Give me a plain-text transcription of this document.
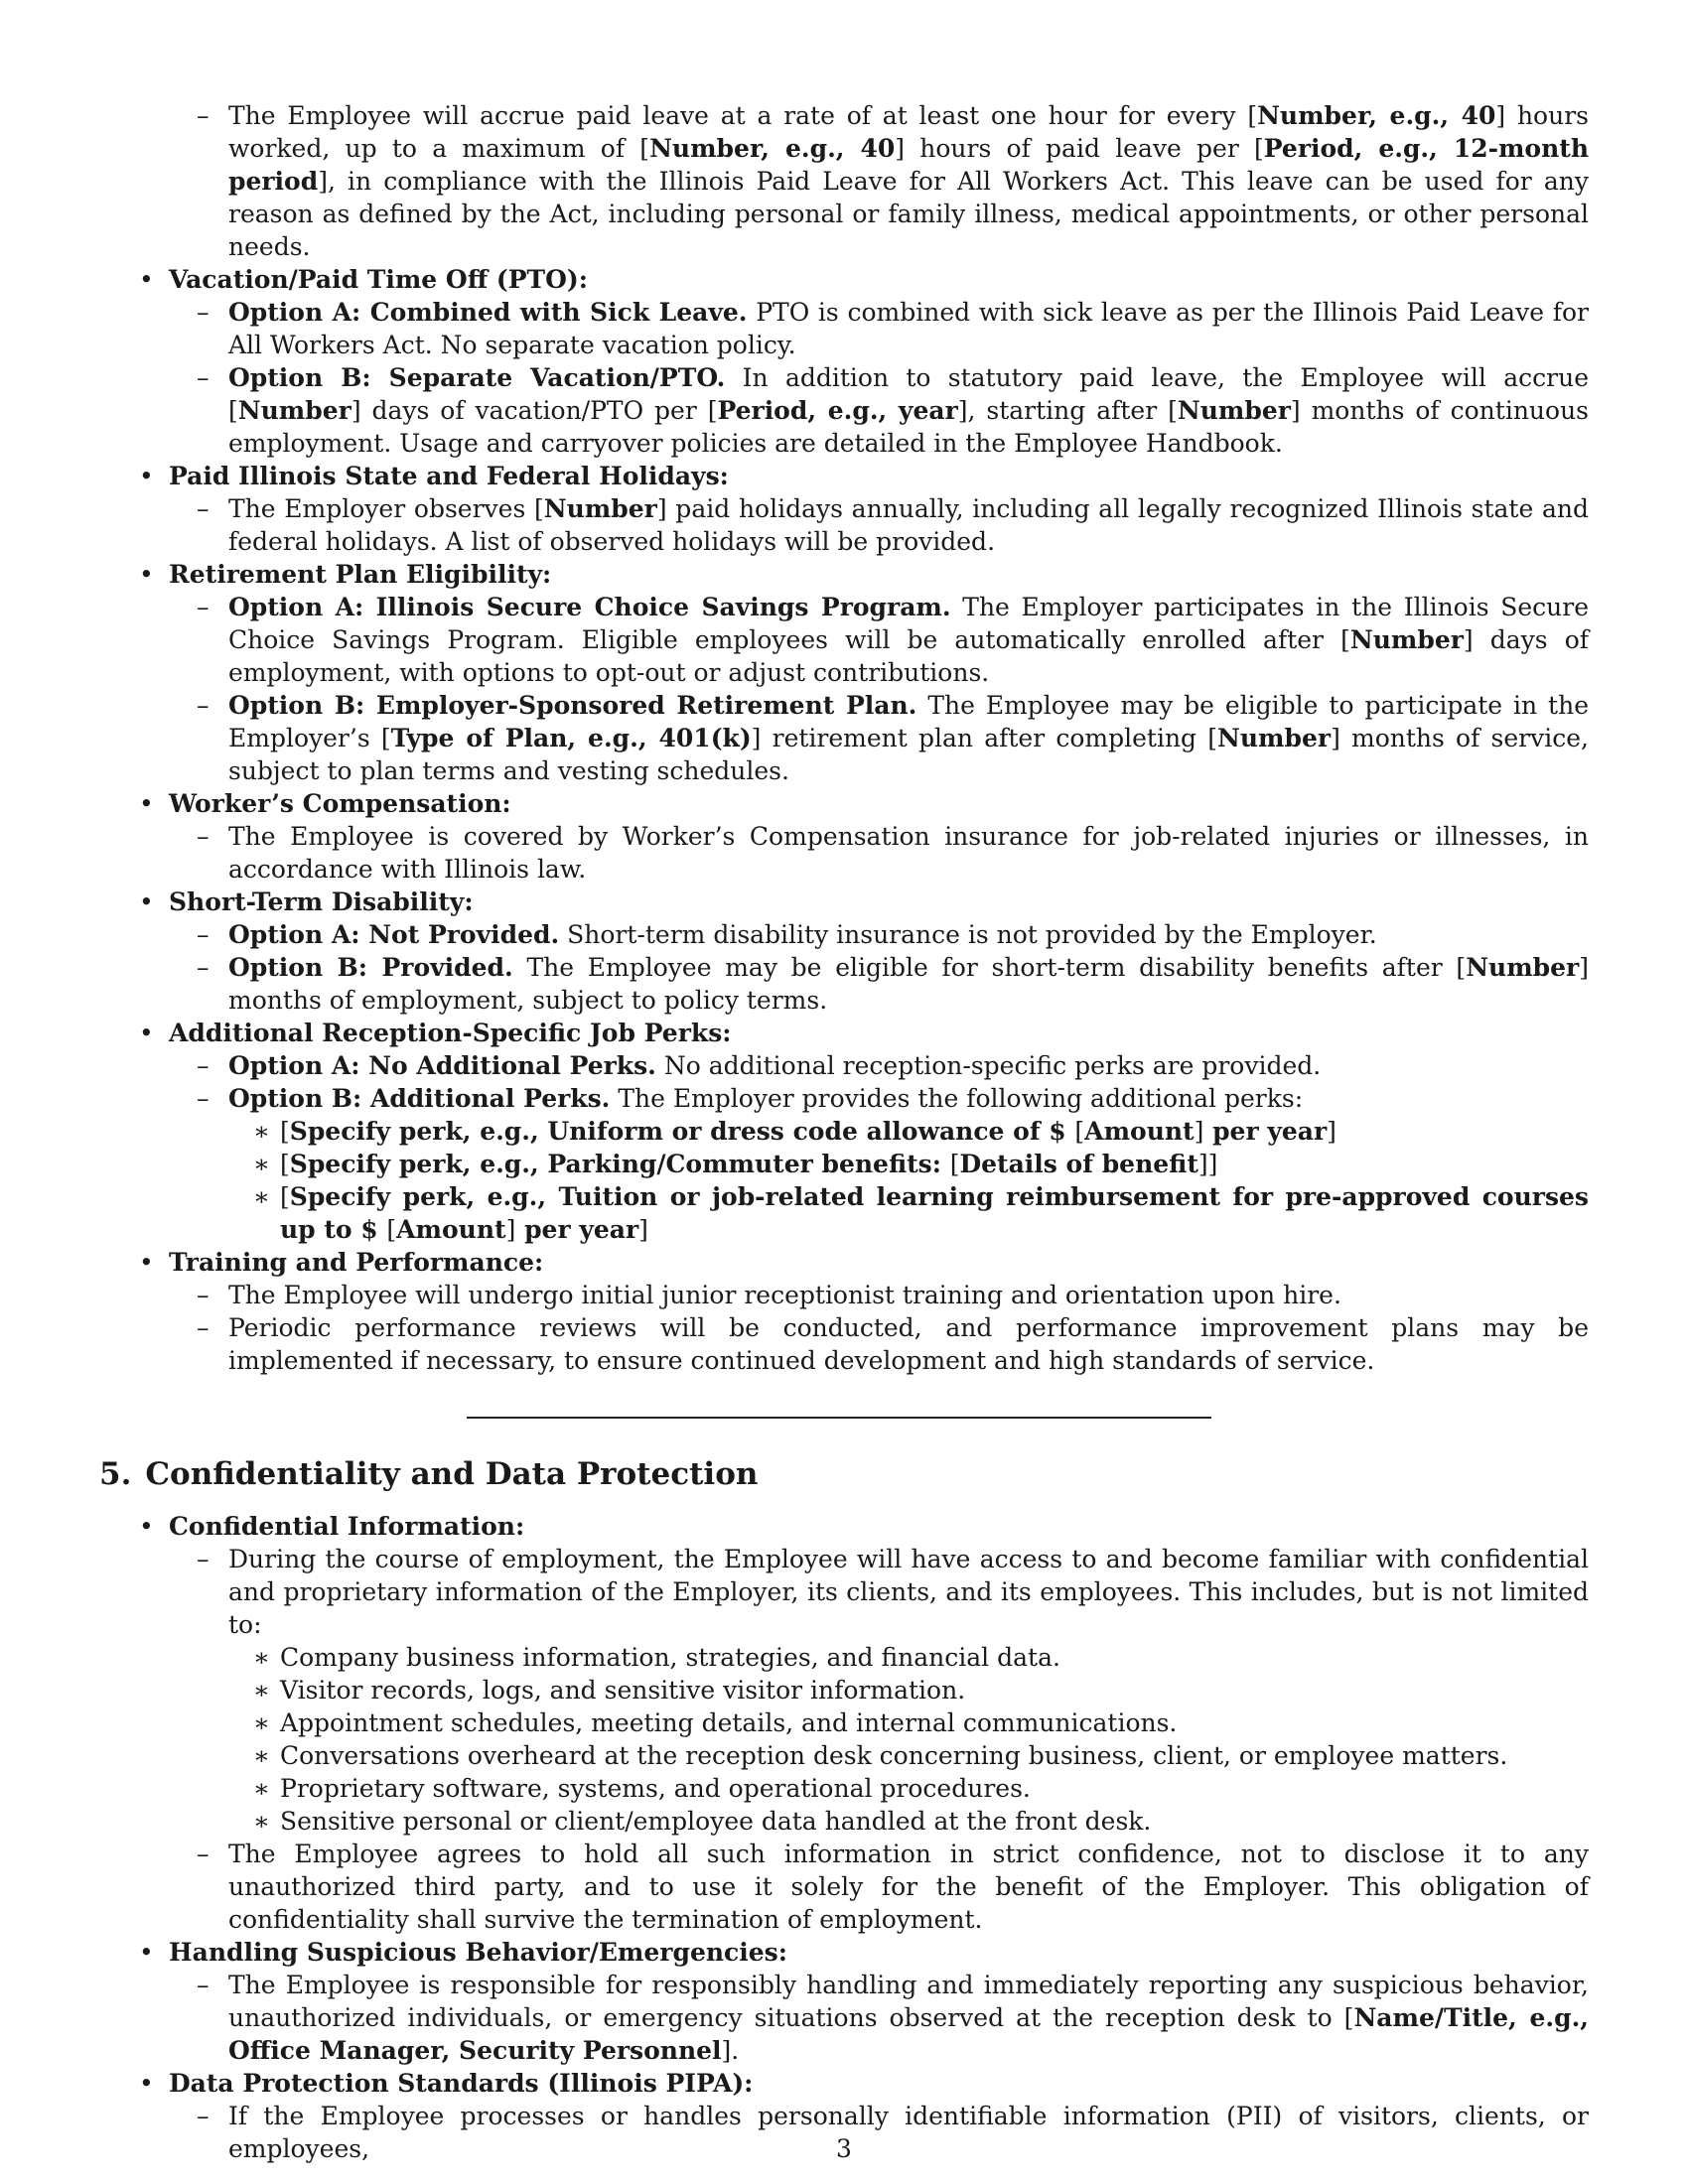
– The Employee will accrue paid leave at a rate of at least one hour for every [Number, e.g., 40] hours worked, up to a maximum of [Number, e.g., 40] hours of paid leave per [Period, e.g., 12-month period], in compliance with the Illinois Paid Leave for All Workers Act. This leave can be used for any reason as defined by the Act, including personal or family illness, medical appointments, or other personal needs.
• Vacation/Paid Time Off (PTO):
– Option A: Combined with Sick Leave. PTO is combined with sick leave as per the Illinois Paid Leave for All Workers Act. No separate vacation policy.
– Option B: Separate Vacation/PTO. In addition to statutory paid leave, the Employee will accrue [Number] days of vacation/PTO per [Period, e.g., year], starting after [Number] months of continuous employment. Usage and carryover policies are detailed in the Employee Handbook.
• Paid Illinois State and Federal Holidays:
– The Employer observes [Number] paid holidays annually, including all legally recognized Illinois state and federal holidays. A list of observed holidays will be provided.
• Retirement Plan Eligibility:
– Option A: Illinois Secure Choice Savings Program. The Employer participates in the Illinois Secure Choice Savings Program. Eligible employees will be automatically enrolled after [Number] days of employment, with options to opt-out or adjust contributions.
– Option B: Employer-Sponsored Retirement Plan. The Employee may be eligible to participate in the Employer’s [Type of Plan, e.g., 401(k)] retirement plan after completing [Number] months of service, subject to plan terms and vesting schedules.
• Worker’s Compensation:
– The Employee is covered by Worker’s Compensation insurance for job-related injuries or illnesses, in accordance with Illinois law.
• Short-Term Disability:
– Option A: Not Provided. Short-term disability insurance is not provided by the Employer.
– Option B: Provided. The Employee may be eligible for short-term disability benefits after [Number] months of employment, subject to policy terms.
• Additional Reception-Specific Job Perks:
– Option A: No Additional Perks. No additional reception-specific perks are provided.
– Option B: Additional Perks. The Employer provides the following additional perks:
∗ [Specify perk, e.g., Uniform or dress code allowance of $ [Amount] per year]
∗ [Specify perk, e.g., Parking/Commuter benefits: [Details of benefit]]
∗ [Specify perk, e.g., Tuition or job-related learning reimbursement for pre-approved courses up to $ [Amount] per year]
• Training and Performance:
– The Employee will undergo initial junior receptionist training and orientation upon hire.
– Periodic performance reviews will be conducted, and performance improvement plans may be implemented if necessary, to ensure continued development and high standards of service.
5. Confidentiality and Data Protection
• Confidential Information:
– During the course of employment, the Employee will have access to and become familiar with confidential and proprietary information of the Employer, its clients, and its employees. This includes, but is not limited to:
∗ Company business information, strategies, and financial data.
∗ Visitor records, logs, and sensitive visitor information.
∗ Appointment schedules, meeting details, and internal communications.
∗ Conversations overheard at the reception desk concerning business, client, or employee matters.
∗ Proprietary software, systems, and operational procedures.
∗ Sensitive personal or client/employee data handled at the front desk.
– The Employee agrees to hold all such information in strict confidence, not to disclose it to any unauthorized third party, and to use it solely for the benefit of the Employer. This obligation of confidentiality shall survive the termination of employment.
• Handling Suspicious Behavior/Emergencies:
– The Employee is responsible for responsibly handling and immediately reporting any suspicious behavior, unauthorized individuals, or emergency situations observed at the reception desk to [Name/Title, e.g., Office Manager, Security Personnel].
• Data Protection Standards (Illinois PIPA):
– If the Employee processes or handles personally identifiable information (PII) of visitors, clients, or employees,	3
